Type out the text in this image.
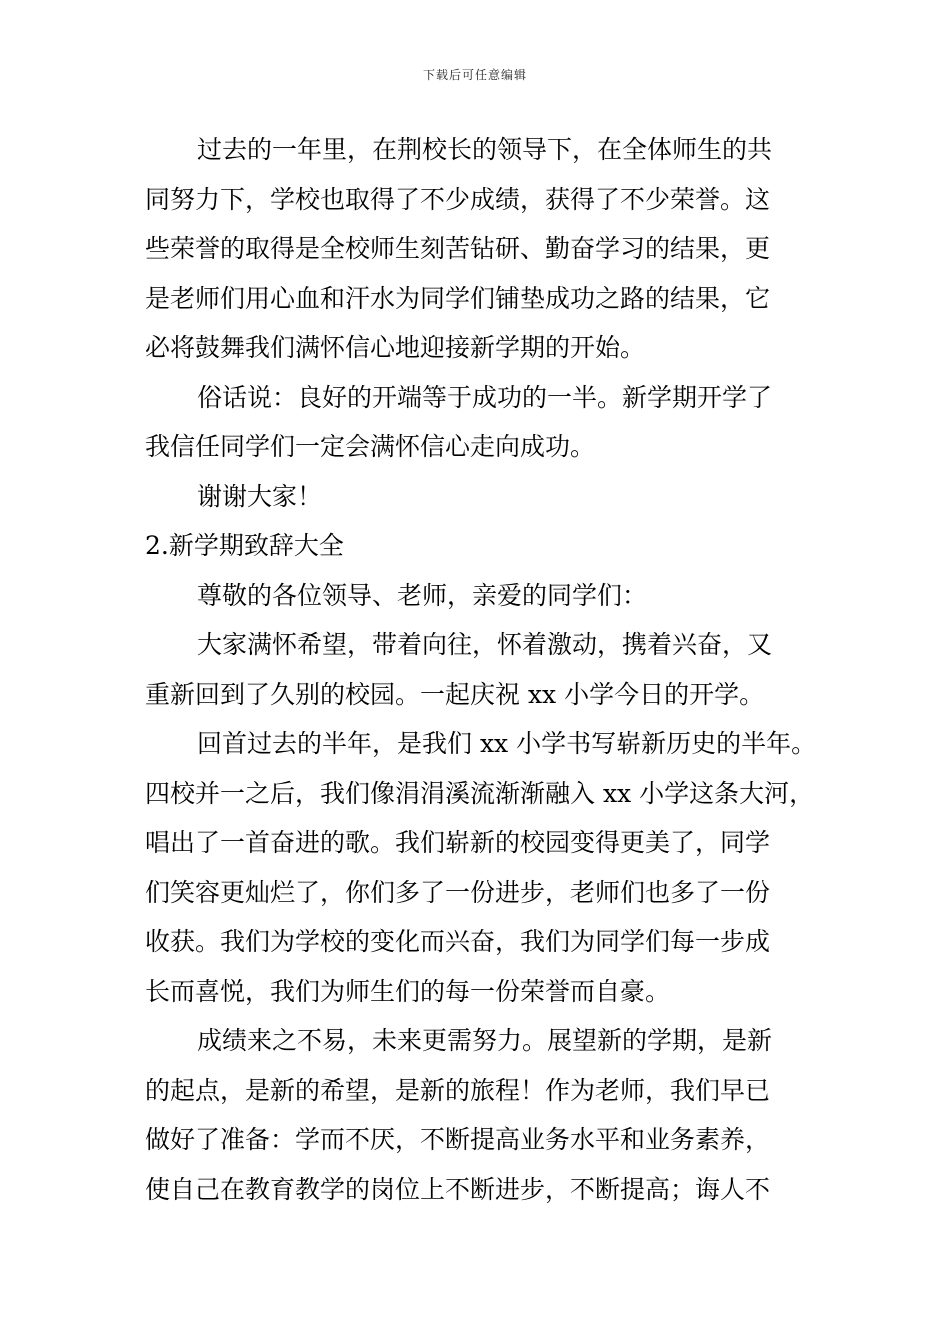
下载后可任意编辑
过去的一年里，在荆校长的领导下，在全体师生的共
同努力下，学校也取得了不少成绩，获得了不少荣誉。这
些荣誉的取得是全校师生刻苦钻研、勤奋学习的结果，更
是老师们用心血和汗水为同学们铺垫成功之路的结果，它
必将鼓舞我们满怀信心地迎接新学期的开始。
俗话说：良好的开端等于成功的一半。新学期开学了
我信任同学们一定会满怀信心走向成功。
谢谢大家！
2.新学期致辞大全
尊敬的各位领导、老师，亲爱的同学们：
大家满怀希望，带着向往，怀着激动，携着兴奋，又
重新回到了久别的校园。一起庆祝 xx 小学今日的开学。
回首过去的半年，是我们 xx 小学书写崭新历史的半年。
四校并一之后，我们像涓涓溪流渐渐融入 xx 小学这条大河，
唱出了一首奋进的歌。我们崭新的校园变得更美了，同学
们笑容更灿烂了，你们多了一份进步，老师们也多了一份
收获。我们为学校的变化而兴奋，我们为同学们每一步成
长而喜悦，我们为师生们的每一份荣誉而自豪。
成绩来之不易，未来更需努力。展望新的学期，是新
的起点，是新的希望，是新的旅程！作为老师，我们早已
做好了准备：学而不厌，不断提高业务水平和业务素养，
使自己在教育教学的岗位上不断进步，不断提高；诲人不
